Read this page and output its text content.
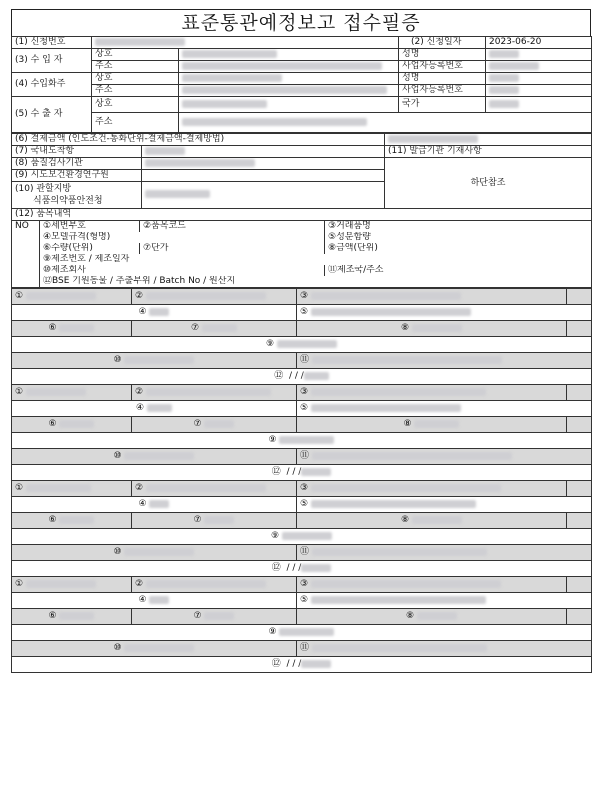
표준통관예정보고 접수필증
(1) 신청번호			(2) 신청일자	2023-06-20
(3) 수 입 자	상호		성명	
	주소		사업자등록번호	
(4) 수입화주	상호		성명	
	주소		사업자등록번호	
(5) 수 출 자	상호		국가	
	주소			
(6) 결제금액 (인도조건-통화단위-결제금액-결제방법)		
(7) 국내도착항		(11) 발급기관 기재사항
(8) 품질검사기관		하단참조
(9) 시도보건환경연구원		

(10) 관할지방
식품의약품안전청		

(12) 품목내역		
NO	①세번부호	②품목코드	③거래품명
	④모델규격(형명)		⑤성분함량
	⑥수량(단위)	⑦단가	⑧금액(단위)
	⑨제조번호 / 제조일자		
	⑩제조회사		⑪제조국/주소
	⑫BSE 기원동물 / 추출부위 / Batch No / 원산지		
①	②	③	
④		⑤	
⑥	⑦	⑧	
⑨			
⑩		⑪	
⑫  / / /			
①	②	③	
④		⑤	
⑥	⑦	⑧	
⑨			
⑩		⑪	
⑫  / / /			
①	②	③	
④		⑤	
⑥	⑦	⑧	
⑨			
⑩		⑪	
⑫  / / /			
①	②	③	
④		⑤	
⑥	⑦	⑧	
⑨			
⑩		⑪	
⑫  / / /			
